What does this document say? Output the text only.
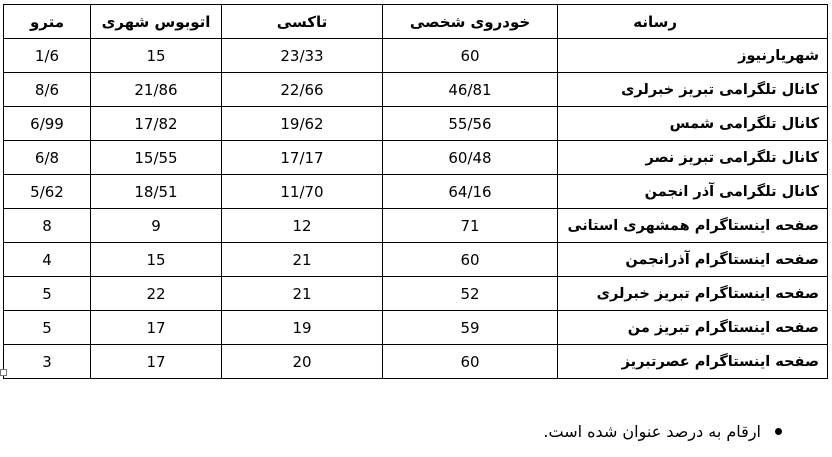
رسانه	خودروی شخصی	تاکسی	اتوبوس شهری	مترو
شهریارنیوز	60	23/33	15	1/6
کانال تلگرامی تبریز خبرلری	46/81	22/66	21/86	8/6
کانال تلگرامی شمس	55/56	19/62	17/82	6/99
کانال تلگرامی تبریز نصر	60/48	17/17	15/55	6/8
کانال تلگرامی آذر انجمن	64/16	11/70	18/51	5/62
صفحه اینستاگرام همشهری استانی	71	12	9	8
صفحه اینستاگرام آذرانجمن	60	21	15	4
صفحه اینستاگرام تبریز خبرلری	52	21	22	5
صفحه اینستاگرام تبریز من	59	19	17	5
صفحه اینستاگرام عصرتبریز	60	20	17	3
ارقام به درصد عنوان شده است.
